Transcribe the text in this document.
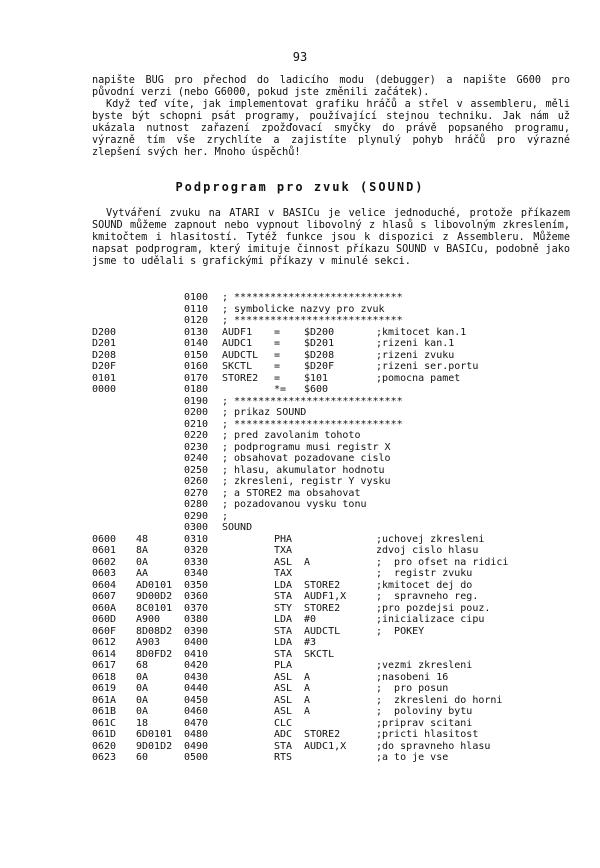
93

napište BUG pro přechod do ladicího modu (debugger) a napište G600 pro původní verzi (nebo G6000, pokud jste změnili začátek).
Když teď víte, jak implementovat grafiku hráčů a střel v assembleru, měli byste být schopni psát programy, používající stejnou techniku. Jak nám už ukázala nutnost zařazení zpožďovací smyčky do právě popsaného programu, výrazně tím vše zrychlíte a zajistíte plynulý pohyb hráčů pro výrazné zlepšení svých her. Mnoho úspěchů!

Podprogram pro zvuk (SOUND)

Vytváření zvuku na ATARI v BASICu je velice jednoduché, protože příkazem SOUND můžeme zapnout nebo vypnout libovolný z hlasů s libovolným zkreslením, kmitočtem i hlasitostí. Tytéž funkce jsou k dispozici z Assembleru. Můžeme napsat podprogram, který imituje činnost příkazu SOUND v BASICu, podobně jako jsme to udělali s grafickými příkazy v minulé sekci.

0100	; ****************************
0110	; symbolicke nazvy pro zvuk
0120	; ****************************
D200	0130	AUDF1	=	$D200	;kmitocet kan.1
D201	0140	AUDC1	=	$D201	;rizeni kan.1
D208	0150	AUDCTL	=	$D208	;rizeni zvuku
D20F	0160	SKCTL	=	$D20F	;rizeni ser.portu
0101	0170	STORE2	=	$101	;pomocna pamet
0000	0180	*=	$600
0190	; ****************************
0200	; prikaz SOUND
0210	; ****************************
0220	; pred zavolanim tohoto
0230	; podprogramu musi registr X
0240	; obsahovat pozadovane cislo
0250	; hlasu, akumulator hodnotu
0260	; zkresleni, registr Y vysku
0270	; a STORE2 ma obsahovat
0280	; pozadovanou vysku tonu
0290	;
0300	SOUND
0600	48	0310	PHA	;uchovej zkresleni
0601	8A	0320	TXA	zdvoj cislo hlasu
0602	0A	0330	ASL	A	;  pro ofset na ridici
0603	AA	0340	TAX	;  registr zvuku
0604	AD0101	0350	LDA	STORE2	;kmitocet dej do
0607	9D00D2	0360	STA	AUDF1,X	;  spravneho reg.
060A	8C0101	0370	STY	STORE2	;pro pozdejsi pouz.
060D	A900	0380	LDA	#0	;inicializace cipu
060F	8D08D2	0390	STA	AUDCTL	;  POKEY
0612	A903	0400	LDA	#3
0614	8D0FD2	0410	STA	SKCTL
0617	68	0420	PLA	;vezmi zkresleni
0618	0A	0430	ASL	A	;nasobeni 16
0619	0A	0440	ASL	A	;  pro posun
061A	0A	0450	ASL	A	;  zkresleni do horni
061B	0A	0460	ASL	A	;  poloviny bytu
061C	18	0470	CLC	;priprav scitani
061D	6D0101	0480	ADC	STORE2	;pricti hlasitost
0620	9D01D2	0490	STA	AUDC1,X	;do spravneho hlasu
0623	60	0500	RTS	;a to je vse
